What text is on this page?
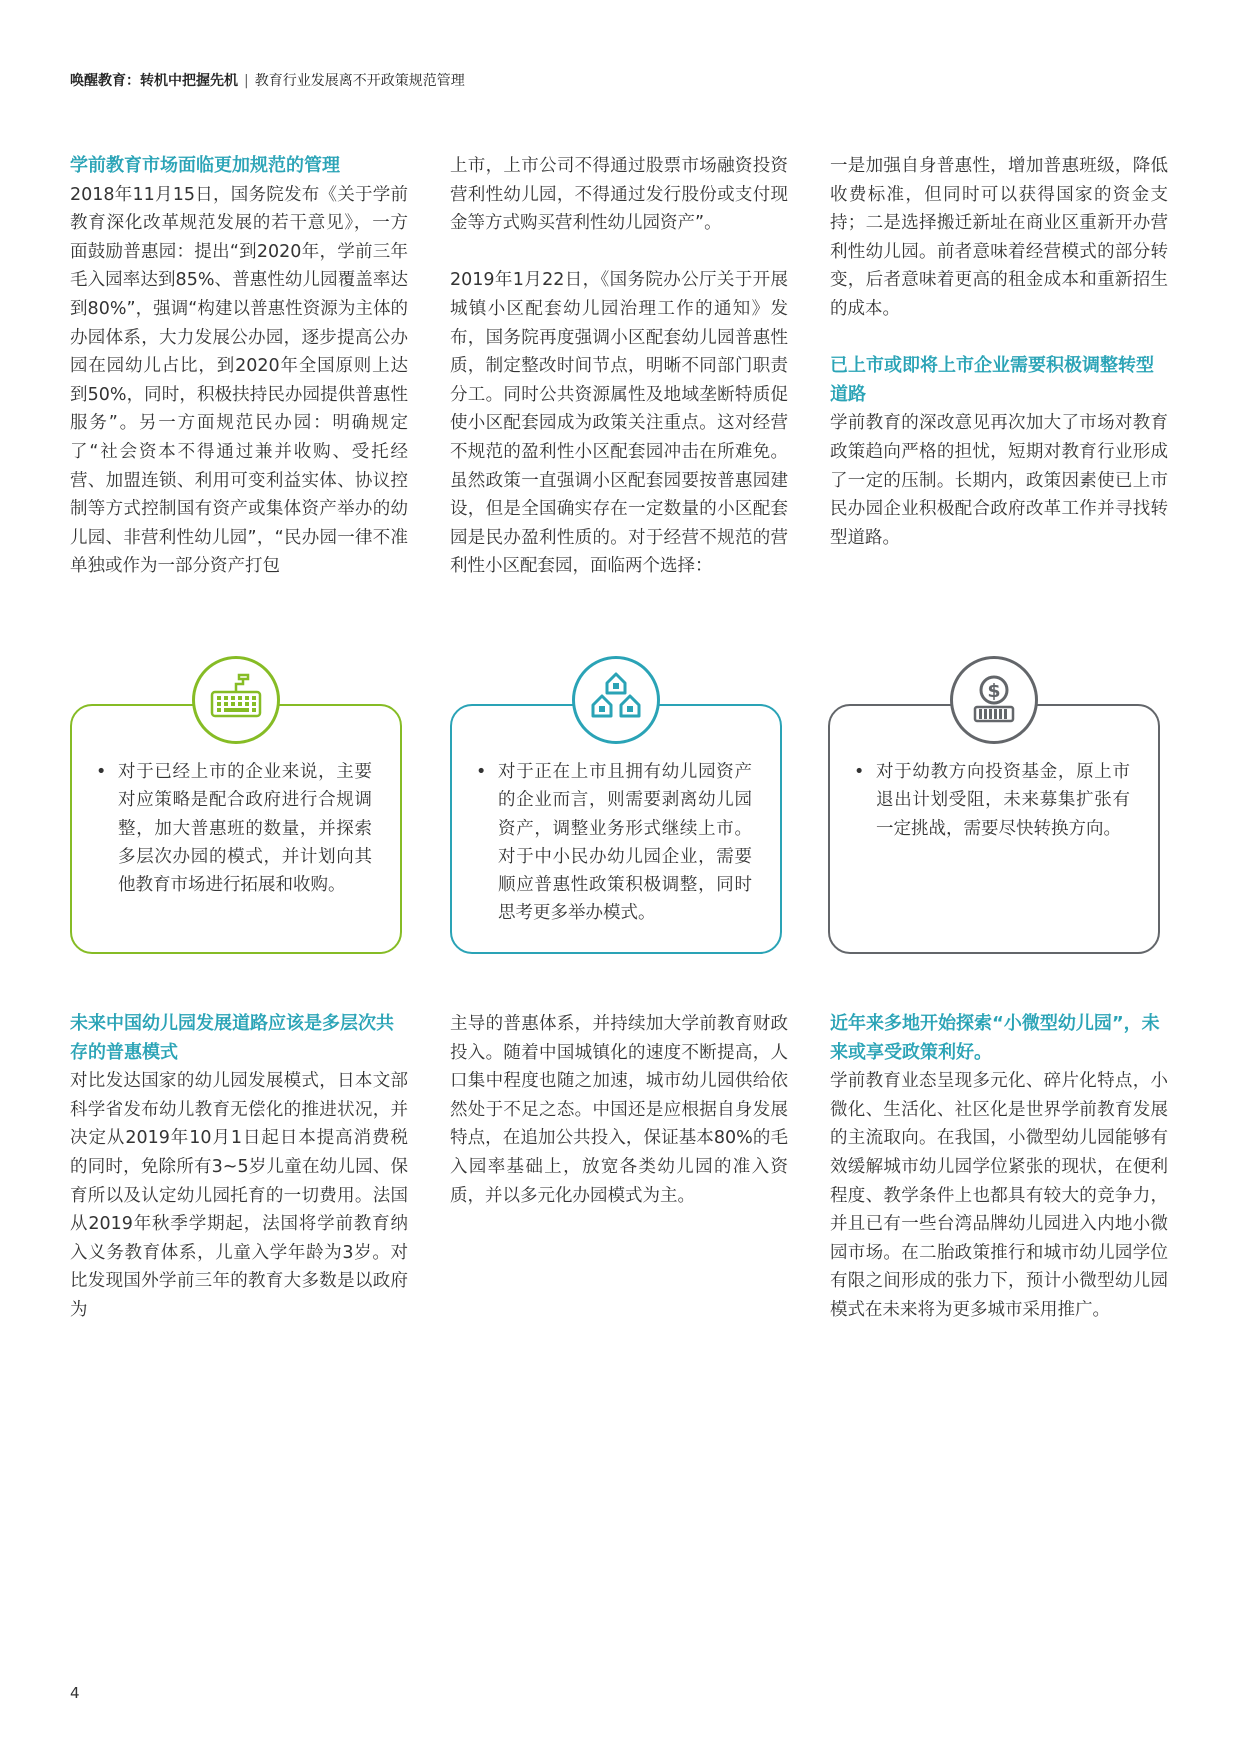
唤醒教育：转机中把握先机 | 教育行业发展离不开政策规范管理
学前教育市场面临更加规范的管理

2018年11月15日，国务院发布《关于学前教育深化改革规范发展的若干意见》，一方面鼓励普惠园：提出“到2020年，学前三年毛入园率达到85%、普惠性幼儿园覆盖率达到80%”，强调“构建以普惠性资源为主体的办园体系，大力发展公办园，逐步提高公办园在园幼儿占比，到2020年全国原则上达到50%，同时，积极扶持民办园提供普惠性服务”。另一方面规范民办园：明确规定了“社会资本不得通过兼并收购、受托经营、加盟连锁、利用可变利益实体、协议控制等方式控制国有资产或集体资产举办的幼儿园、非营利性幼儿园”，“民办园一律不准单独或作为一部分资产打包

上市，上市公司不得通过股票市场融资投资营利性幼儿园，不得通过发行股份或支付现金等方式购买营利性幼儿园资产”。

2019年1月22日，《国务院办公厅关于开展城镇小区配套幼儿园治理工作的通知》发布，国务院再度强调小区配套幼儿园普惠性质，制定整改时间节点，明晰不同部门职责分工。同时公共资源属性及地域垄断特质促使小区配套园成为政策关注重点。这对经营不规范的盈利性小区配套园冲击在所难免。虽然政策一直强调小区配套园要按普惠园建设，但是全国确实存在一定数量的小区配套园是民办盈利性质的。对于经营不规范的营利性小区配套园，面临两个选择：

一是加强自身普惠性，增加普惠班级，降低收费标准，但同时可以获得国家的资金支持；二是选择搬迁新址在商业区重新开办营利性幼儿园。前者意味着经营模式的部分转变，后者意味着更高的租金成本和重新招生的成本。

已上市或即将上市企业需要积极调整转型道路

学前教育的深改意见再次加大了市场对教育政策趋向严格的担忧，短期对教育行业形成了一定的压制。长期内，政策因素使已上市民办园企业积极配合政府改革工作并寻找转型道路。

• 对于已经上市的企业来说，主要对应策略是配合政府进行合规调整，加大普惠班的数量，并探索多层次办园的模式，并计划向其他教育市场进行拓展和收购。
• 对于正在上市且拥有幼儿园资产的企业而言，则需要剥离幼儿园资产，调整业务形式继续上市。对于中小民办幼儿园企业，需要顺应普惠性政策积极调整，同时思考更多举办模式。
• 对于幼教方向投资基金，原上市退出计划受阻，未来募集扩张有一定挑战，需要尽快转换方向。
$
未来中国幼儿园发展道路应该是多层次共存的普惠模式

对比发达国家的幼儿园发展模式，日本文部科学省发布幼儿教育无偿化的推进状况，并决定从2019年10月1日起日本提高消费税的同时，免除所有3~5岁儿童在幼儿园、保育所以及认定幼儿园托育的一切费用。法国从2019年秋季学期起，法国将学前教育纳入义务教育体系，儿童入学年龄为3岁。对比发现国外学前三年的教育大多数是以政府为

主导的普惠体系，并持续加大学前教育财政投入。随着中国城镇化的速度不断提高，人口集中程度也随之加速，城市幼儿园供给依然处于不足之态。中国还是应根据自身发展特点，在追加公共投入，保证基本80%的毛入园率基础上，放宽各类幼儿园的准入资质，并以多元化办园模式为主。

近年来多地开始探索“小微型幼儿园”，未来或享受政策利好。

学前教育业态呈现多元化、碎片化特点，小微化、生活化、社区化是世界学前教育发展的主流取向。在我国，小微型幼儿园能够有效缓解城市幼儿园学位紧张的现状，在便利程度、教学条件上也都具有较大的竞争力，并且已有一些台湾品牌幼儿园进入内地小微园市场。在二胎政策推行和城市幼儿园学位有限之间形成的张力下，预计小微型幼儿园模式在未来将为更多城市采用推广。

4
